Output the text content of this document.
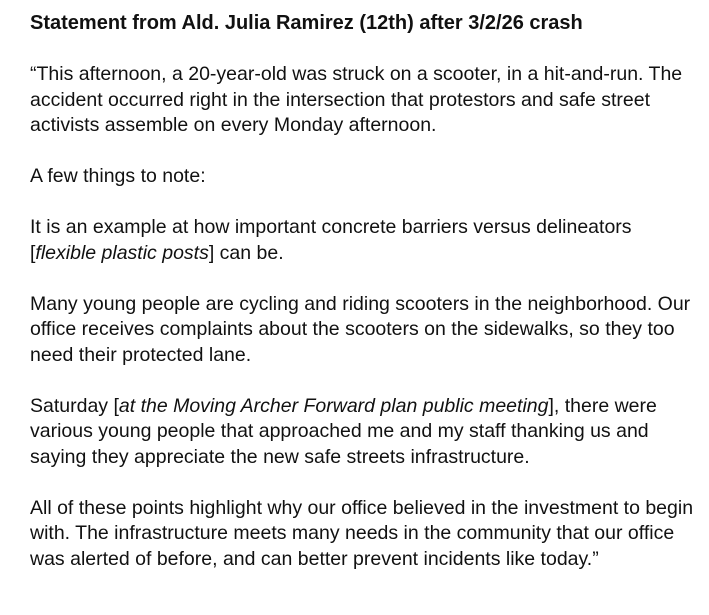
Statement from Ald. Julia Ramirez (12th) after 3/2/26 crash

“This afternoon, a 20-year-old was struck on a scooter, in a hit-and-run. The accident occurred right in the intersection that protestors and safe street activists assemble on every Monday afternoon.

A few things to note:

It is an example at how important concrete barriers versus delineators [flexible plastic posts] can be.

Many young people are cycling and riding scooters in the neighborhood. Our office receives complaints about the scooters on the sidewalks, so they too need their protected lane.

Saturday [at the Moving Archer Forward plan public meeting], there were various young people that approached me and my staff thanking us and saying they appreciate the new safe streets infrastructure.

All of these points highlight why our office believed in the investment to begin with. The infrastructure meets many needs in the community that our office was alerted of before, and can better prevent incidents like today.”
